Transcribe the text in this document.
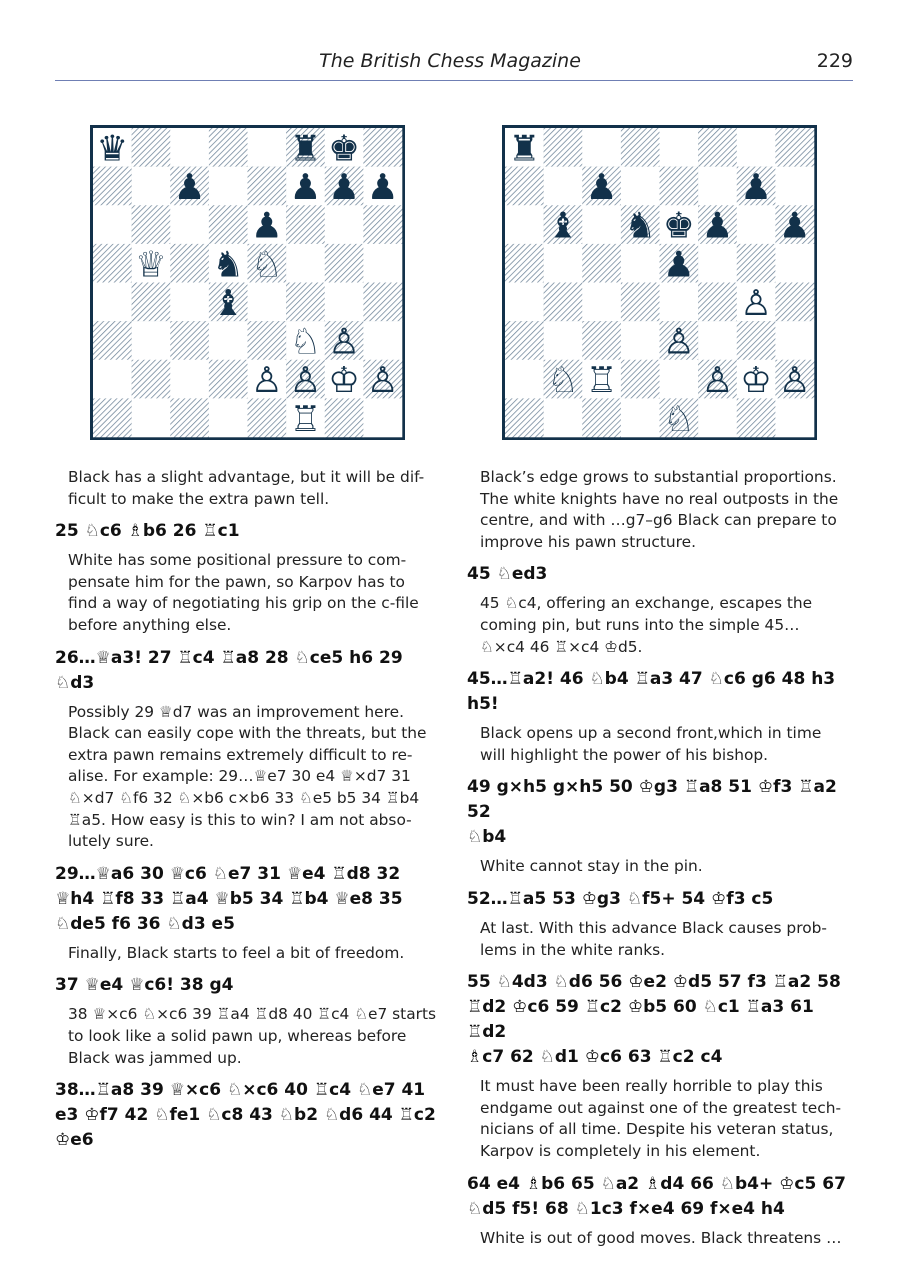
The British Chess Magazine	229
♛	♜ ♚
♟ ♟ ♟ ♟
♟
♕ ♞ ♘
♝
♘ ♙
♙ ♙ ♔ ♙
♖
♜
♟	♟
♝ ♞ ♚ ♟ ♟
♟
♙
♙
♘ ♖ ♙ ♔ ♙
♘
Black has a slight advantage, but it will be dif-
ficult to make the extra pawn tell.
25 ♘c6 ♗b6 26 ♖c1
White has some positional pressure to com-
pensate him for the pawn, so Karpov has to
find a way of negotiating his grip on the c-file
before anything else.
26…♕a3! 27 ♖c4 ♖a8 28 ♘ce5 h6 29
♘d3
Possibly 29 ♕d7 was an improvement here.
Black can easily cope with the threats, but the
extra pawn remains extremely difficult to re-
alise. For example: 29…♕e7 30 e4 ♕×d7 31
♘×d7 ♘f6 32 ♘×b6 c×b6 33 ♘e5 b5 34 ♖b4
♖a5. How easy is this to win? I am not abso-
lutely sure.
29…♕a6 30 ♕c6 ♘e7 31 ♕e4 ♖d8 32
♕h4 ♖f8 33 ♖a4 ♕b5 34 ♖b4 ♕e8 35
♘de5 f6 36 ♘d3 e5
Finally, Black starts to feel a bit of freedom.
37 ♕e4 ♕c6! 38 g4
38 ♕×c6 ♘×c6 39 ♖a4 ♖d8 40 ♖c4 ♘e7 starts
to look like a solid pawn up, whereas before
Black was jammed up.
38…♖a8 39 ♕×c6 ♘×c6 40 ♖c4 ♘e7 41
e3 ♔f7 42 ♘fe1 ♘c8 43 ♘b2 ♘d6 44 ♖c2
♔e6
Black’s edge grows to substantial proportions.
The white knights have no real outposts in the
centre, and with …g7–g6 Black can prepare to
improve his pawn structure.
45 ♘ed3
45 ♘c4, offering an exchange, escapes the
coming pin, but runs into the simple 45…
♘×c4 46 ♖×c4 ♔d5.
45…♖a2! 46 ♘b4 ♖a3 47 ♘c6 g6 48 h3
h5!
Black opens up a second front,which in time
will highlight the power of his bishop.
49 g×h5 g×h5 50 ♔g3 ♖a8 51 ♔f3 ♖a2 52
♘b4
White cannot stay in the pin.
52…♖a5 53 ♔g3 ♘f5+ 54 ♔f3 c5
At last. With this advance Black causes prob-
lems in the white ranks.
55 ♘4d3 ♘d6 56 ♔e2 ♔d5 57 f3 ♖a2 58
♖d2 ♔c6 59 ♖c2 ♔b5 60 ♘c1 ♖a3 61 ♖d2
♗c7 62 ♘d1 ♔c6 63 ♖c2 c4
It must have been really horrible to play this
endgame out against one of the greatest tech-
nicians of all time. Despite his veteran status,
Karpov is completely in his element.
64 e4 ♗b6 65 ♘a2 ♗d4 66 ♘b4+ ♔c5 67
♘d5 f5! 68 ♘1c3 f×e4 69 f×e4 h4
White is out of good moves. Black threatens …
